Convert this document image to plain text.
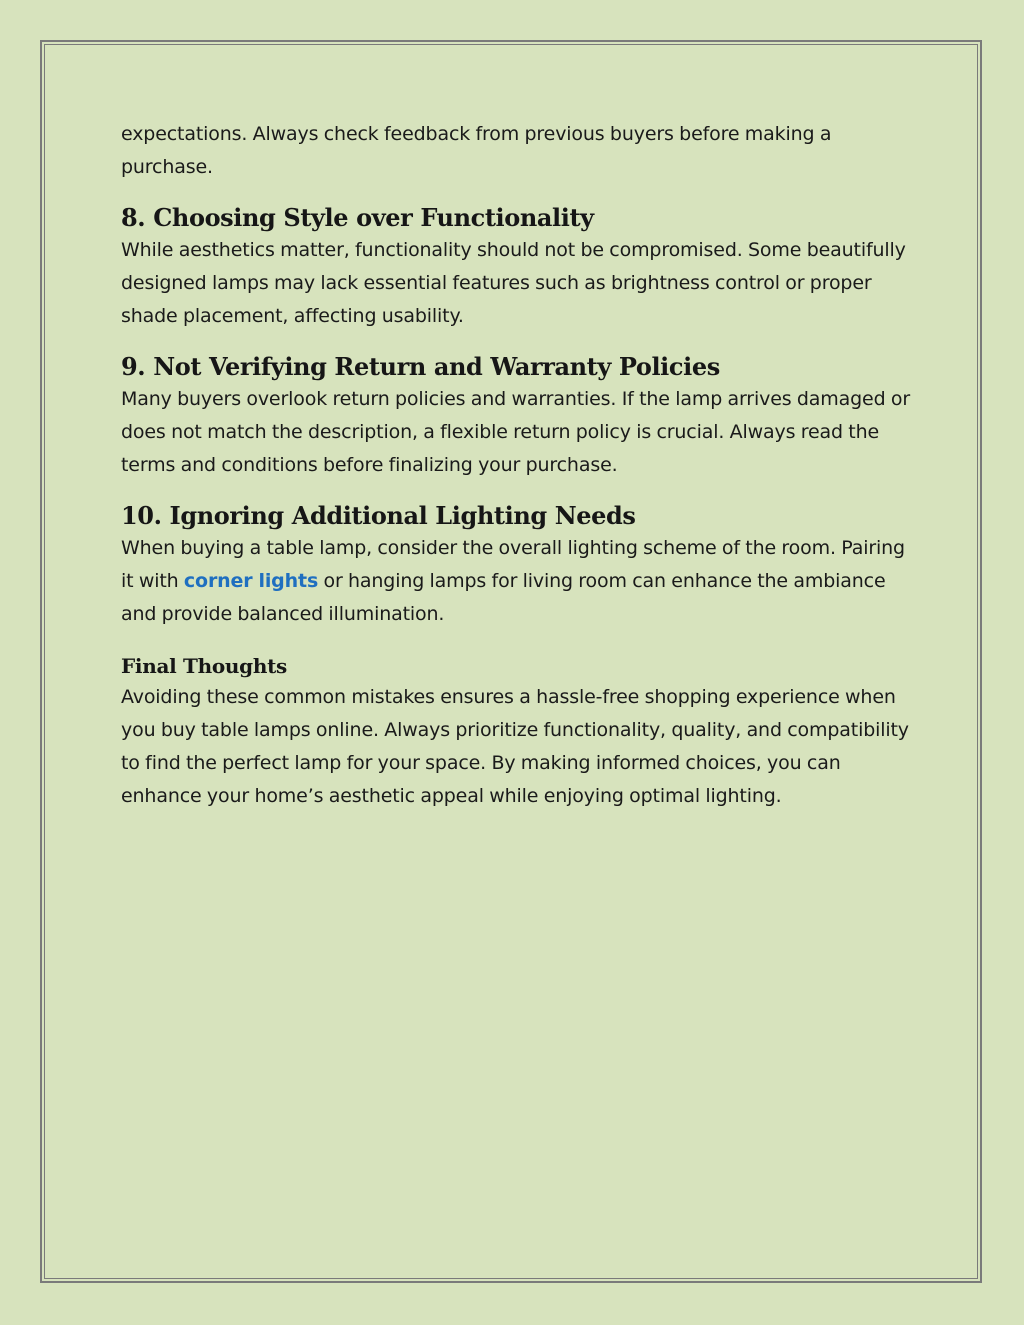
expectations. Always check feedback from previous buyers before making a purchase.

8. Choosing Style over Functionality

While aesthetics matter, functionality should not be compromised. Some beautifully designed lamps may lack essential features such as brightness control or proper shade placement, affecting usability.

9. Not Verifying Return and Warranty Policies

Many buyers overlook return policies and warranties. If the lamp arrives damaged or does not match the description, a flexible return policy is crucial. Always read the terms and conditions before finalizing your purchase.

10. Ignoring Additional Lighting Needs

When buying a table lamp, consider the overall lighting scheme of the room. Pairing it with corner lights or hanging lamps for living room can enhance the ambiance and provide balanced illumination.

Final Thoughts

Avoiding these common mistakes ensures a hassle-free shopping experience when you buy table lamps online. Always prioritize functionality, quality, and compatibility to find the perfect lamp for your space. By making informed choices, you can enhance your home’s aesthetic appeal while enjoying optimal lighting.
